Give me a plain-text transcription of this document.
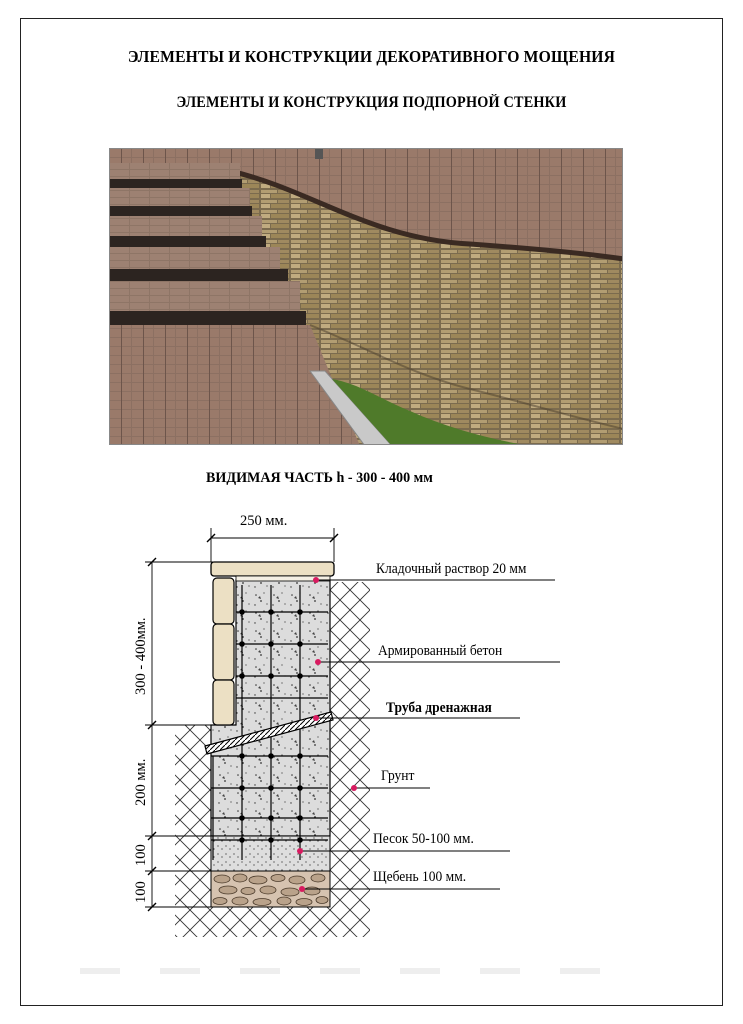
ЭЛЕМЕНТЫ И КОНСТРУКЦИИ ДЕКОРАТИВНОГО МОЩЕНИЯ
ЭЛЕМЕНТЫ И КОНСТРУКЦИЯ ПОДПОРНОЙ СТЕНКИ
ВИДИМАЯ ЧАСТЬ h - 300 - 400 мм
250 мм.
300 - 400мм.
200 мм.
100
100
Кладочный раствор 20 мм
Армированный бетон
Труба дренажная
Грунт
Песок 50-100 мм.
Щебень 100 мм.
